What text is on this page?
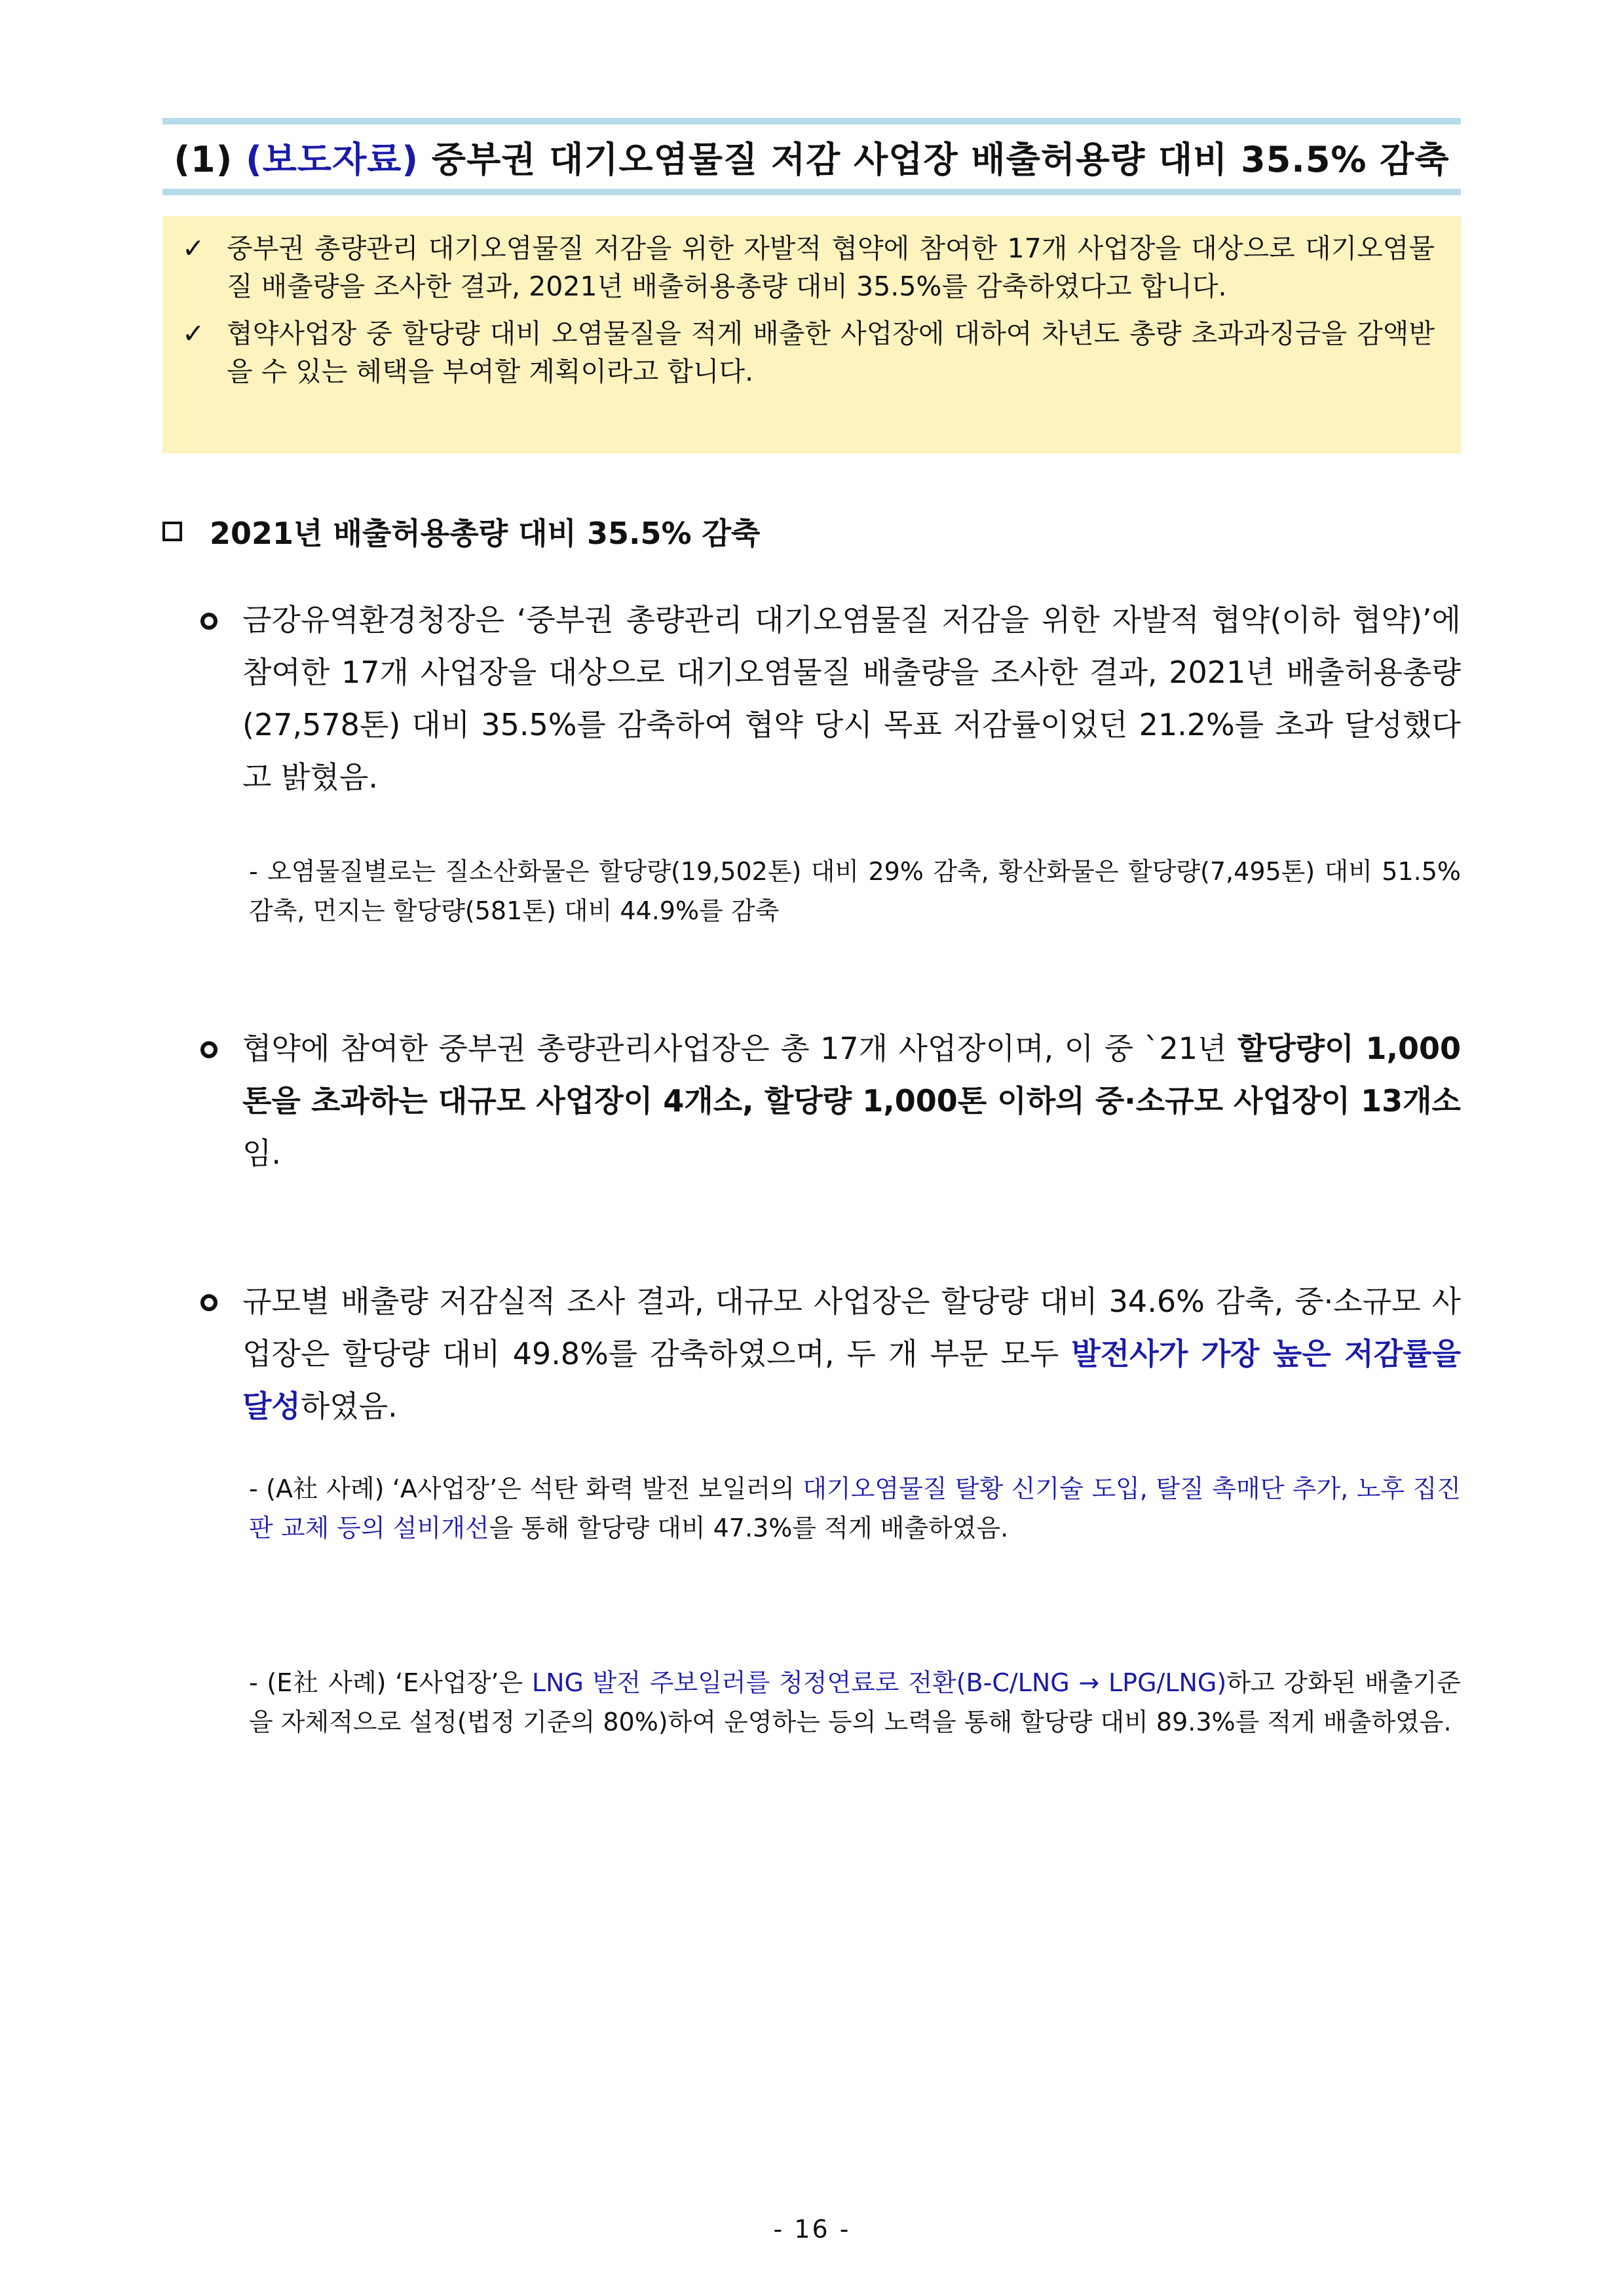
(1) (보도자료) 중부권 대기오염물질 저감 사업장 배출허용량 대비 35.5% 감축
✓ 중부권 총량관리 대기오염물질 저감을 위한 자발적 협약에 참여한 17개 사업장을 대상으로 대기오염물질 배출량을 조사한 결과, 2021년 배출허용총량 대비 35.5%를 감축하였다고 합니다.
✓ 협약사업장 중 할당량 대비 오염물질을 적게 배출한 사업장에 대하여 차년도 총량 초과과징금을 감액받을 수 있는 혜택을 부여할 계획이라고 합니다.
2021년 배출허용총량 대비 35.5% 감축
금강유역환경청장은 ‘중부권 총량관리 대기오염물질 저감을 위한 자발적 협약(이하 협약)’에 참여한 17개 사업장을 대상으로 대기오염물질 배출량을 조사한 결과, 2021년 배출허용총량(27,578톤) 대비 35.5%를 감축하여 협약 당시 목표 저감률이었던 21.2%를 초과 달성했다고 밝혔음.
- 오염물질별로는 질소산화물은 할당량(19,502톤) 대비 29% 감축, 황산화물은 할당량(7,495톤) 대비 51.5% 감축, 먼지는 할당량(581톤) 대비 44.9%를 감축
협약에 참여한 중부권 총량관리사업장은 총 17개 사업장이며, 이 중 `21년 할당량이 1,000톤을 초과하는 대규모 사업장이 4개소, 할당량 1,000톤 이하의 중·소규모 사업장이 13개소임.
규모별 배출량 저감실적 조사 결과, 대규모 사업장은 할당량 대비 34.6% 감축, 중·소규모 사업장은 할당량 대비 49.8%를 감축하였으며, 두 개 부문 모두 발전사가 가장 높은 저감률을 달성하였음.
- (A社 사례) ‘A사업장’은 석탄 화력 발전 보일러의 대기오염물질 탈황 신기술 도입, 탈질 촉매단 추가, 노후 집진판 교체 등의 설비개선을 통해 할당량 대비 47.3%를 적게 배출하였음.
- (E社 사례) ‘E사업장’은 LNG 발전 주보일러를 청정연료로 전환(B-C/LNG → LPG/LNG)하고 강화된 배출기준을 자체적으로 설정(법정 기준의 80%)하여 운영하는 등의 노력을 통해 할당량 대비 89.3%를 적게 배출하였음.
- 16 -
